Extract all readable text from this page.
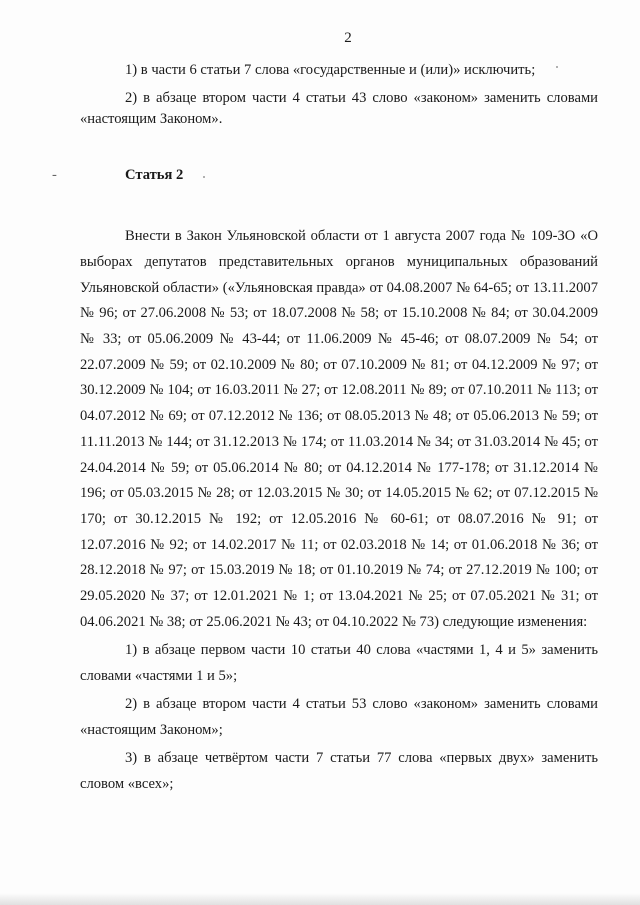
2

1) в части 6 статьи 7 слова «государственные и (или)» исключить;

2) в абзаце втором части 4 статьи 43 слово «законом» заменить словами «настоящим Законом».

-	Статья 2

Внести в Закон Ульяновской области от 1 августа 2007 года № 109-ЗО «О выборах депутатов представительных органов муниципальных образований Ульяновской области» («Ульяновская правда» от 04.08.2007 № 64-65; от 13.11.2007 № 96; от 27.06.2008 № 53; от 18.07.2008 № 58; от 15.10.2008 № 84; от 30.04.2009 № 33; от 05.06.2009 № 43-44; от 11.06.2009 № 45-46; от 08.07.2009 № 54; от 22.07.2009 № 59; от 02.10.2009 № 80; от 07.10.2009 № 81; от 04.12.2009 № 97; от 30.12.2009 № 104; от 16.03.2011 № 27; от 12.08.2011 № 89; от 07.10.2011 № 113; от 04.07.2012 № 69; от 07.12.2012 № 136; от 08.05.2013 № 48; от 05.06.2013 № 59; от 11.11.2013 № 144; от 31.12.2013 № 174; от 11.03.2014 № 34; от 31.03.2014 № 45; от 24.04.2014 № 59; от 05.06.2014 № 80; от 04.12.2014 № 177-178; от 31.12.2014 № 196; от 05.03.2015 № 28; от 12.03.2015 № 30; от 14.05.2015 № 62; от 07.12.2015 № 170; от 30.12.2015 № 192; от 12.05.2016 № 60-61; от 08.07.2016 № 91; от 12.07.2016 № 92; от 14.02.2017 № 11; от 02.03.2018 № 14; от 01.06.2018 № 36; от 28.12.2018 № 97; от 15.03.2019 № 18; от 01.10.2019 № 74; от 27.12.2019 № 100; от 29.05.2020 № 37; от 12.01.2021 № 1; от 13.04.2021 № 25; от 07.05.2021 № 31; от 04.06.2021 № 38; от 25.06.2021 № 43; от 04.10.2022 № 73) следующие изменения:

1) в абзаце первом части 10 статьи 40 слова «частями 1, 4 и 5» заменить словами «частями 1 и 5»;

2) в абзаце втором части 4 статьи 53 слово «законом» заменить словами «настоящим Законом»;

3) в абзаце четвёртом части 7 статьи 77 слова «первых двух» заменить словом «всех»;
